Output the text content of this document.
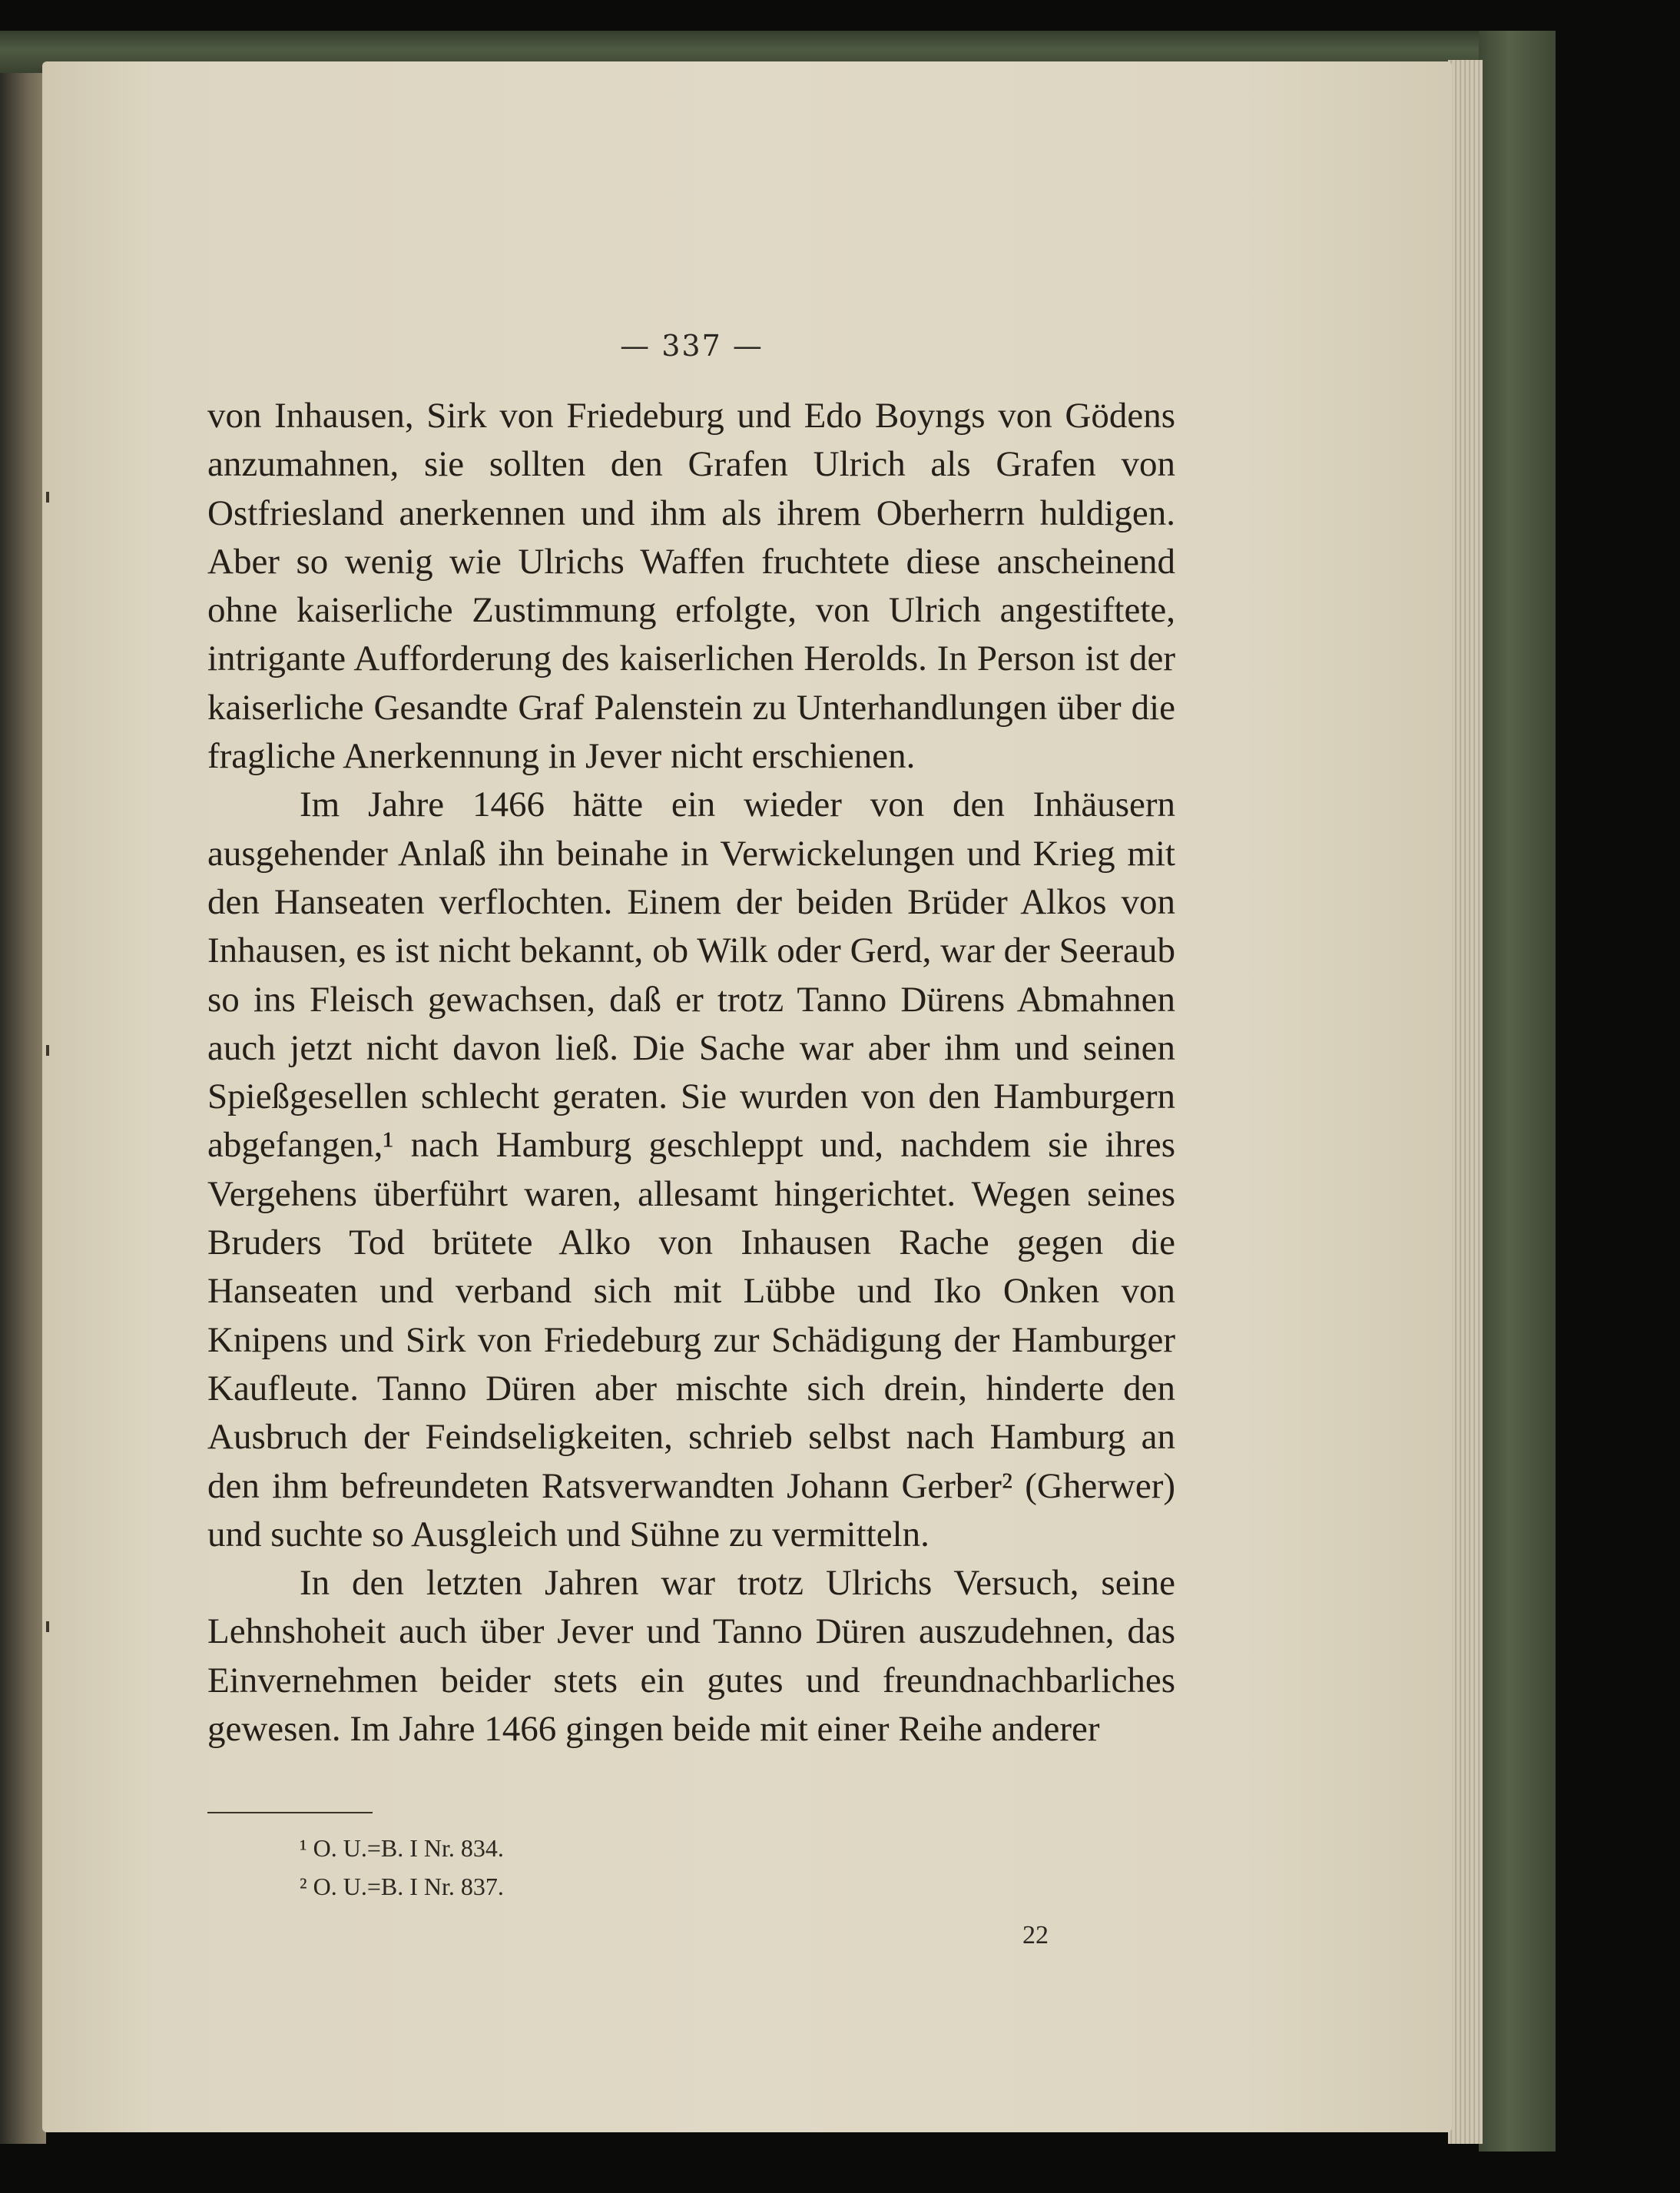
— 337 —

von Inhausen, Sirk von Friedeburg und Edo Boyngs von Gödens anzumahnen, sie sollten den Grafen Ulrich als Grafen von Ostfriesland anerkennen und ihm als ihrem Oberherrn huldigen. Aber so wenig wie Ulrichs Waffen fruchtete diese anscheinend ohne kaiserliche Zustimmung erfolgte, von Ulrich angestiftete, intrigante Aufforderung des kaiserlichen Herolds. In Person ist der kaiserliche Gesandte Graf Palenstein zu Unterhandlungen über die fragliche Anerkennung in Jever nicht erschienen.

Im Jahre 1466 hätte ein wieder von den Inhäusern ausgehender Anlaß ihn beinahe in Verwickelungen und Krieg mit den Hanseaten verflochten. Einem der beiden Brüder Alkos von Inhausen, es ist nicht bekannt, ob Wilk oder Gerd, war der Seeraub so ins Fleisch gewachsen, daß er trotz Tanno Dürens Abmahnen auch jetzt nicht davon ließ. Die Sache war aber ihm und seinen Spießgesellen schlecht geraten. Sie wurden von den Hamburgern abgefangen,¹ nach Hamburg geschleppt und, nachdem sie ihres Vergehens überführt waren, allesamt hingerichtet. Wegen seines Bruders Tod brütete Alko von Inhausen Rache gegen die Hanseaten und verband sich mit Lübbe und Iko Onken von Knipens und Sirk von Friedeburg zur Schädigung der Hamburger Kaufleute. Tanno Düren aber mischte sich drein, hinderte den Ausbruch der Feindseligkeiten, schrieb selbst nach Hamburg an den ihm befreundeten Ratsverwandten Johann Gerber² (Gherwer) und suchte so Ausgleich und Sühne zu vermitteln.

In den letzten Jahren war trotz Ulrichs Versuch, seine Lehnshoheit auch über Jever und Tanno Düren auszudehnen, das Einvernehmen beider stets ein gutes und freundnachbarliches gewesen. Im Jahre 1466 gingen beide mit einer Reihe anderer

¹ O. U.=B. I Nr. 834.
² O. U.=B. I Nr. 837.
22
